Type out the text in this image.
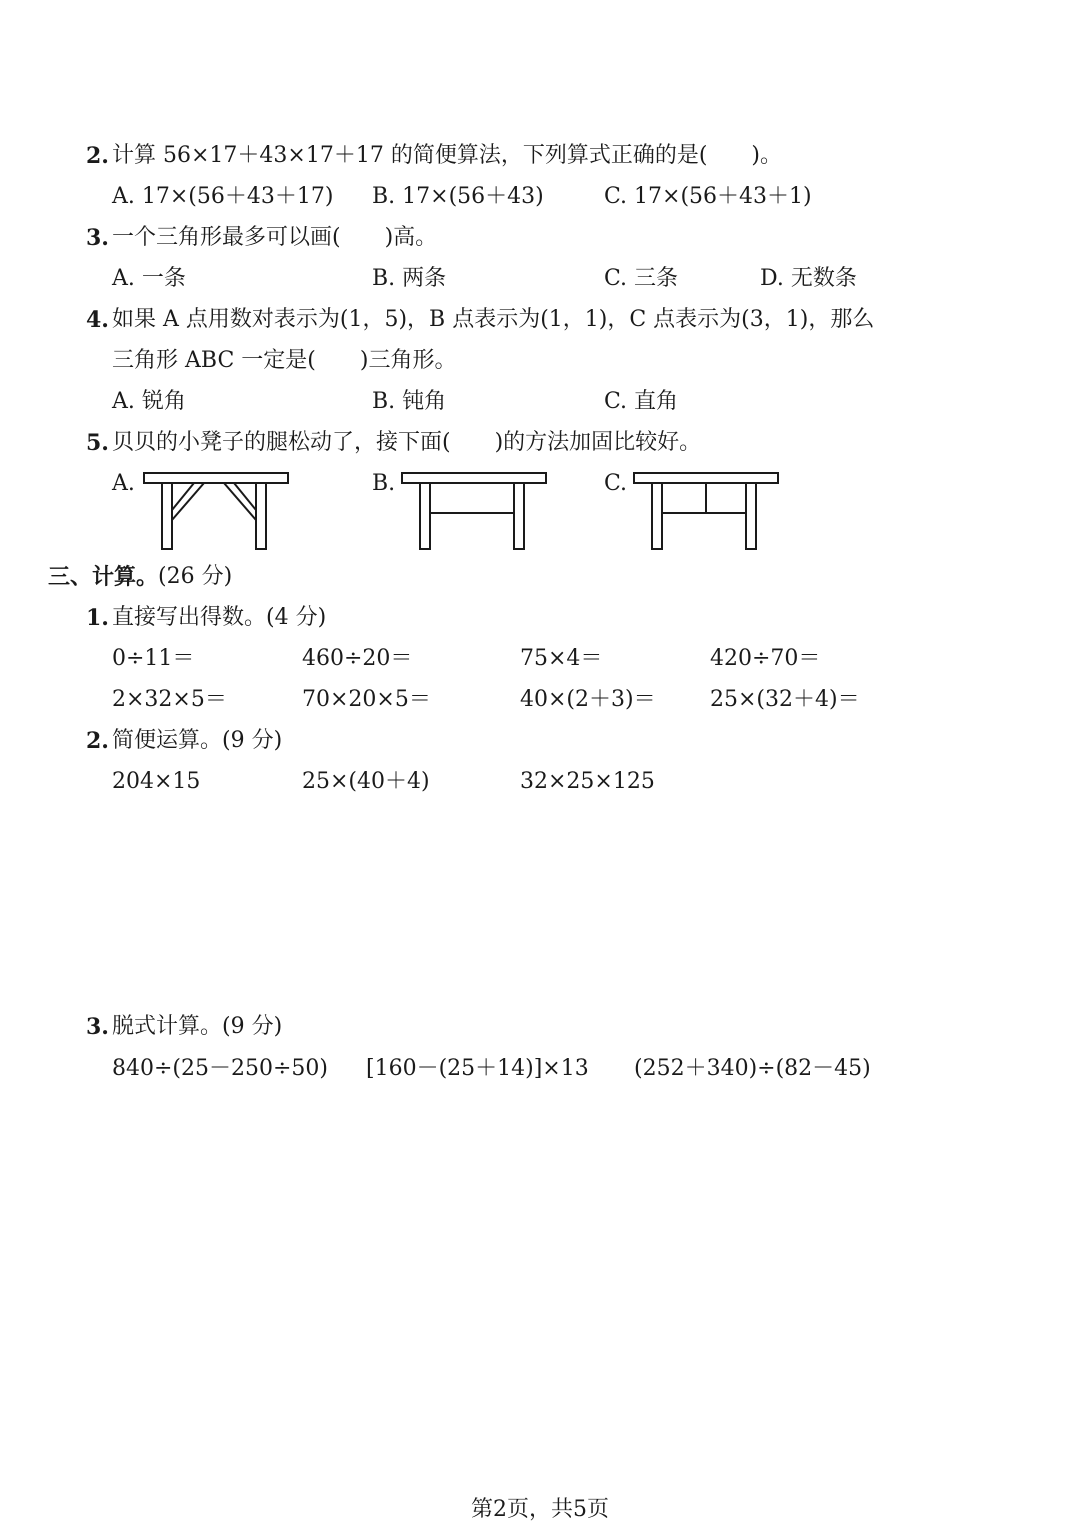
2. 计算 56×17＋43×17＋17 的简便算法，下列算式正确的是(　　)。
A. 17×(56＋43＋17) B. 17×(56＋43)	C. 17×(56＋43＋1)
3. 一个三角形最多可以画(　　)高。
A. 一条	B. 两条	C. 三条	D. 无数条
4. 如果 A 点用数对表示为(1，5)，B 点表示为(1，1)，C 点表示为(3，1)，那么
三角形 ABC 一定是(　　)三角形。
A. 锐角	B. 钝角	C. 直角
5. 贝贝的小凳子的腿松动了，接下面(　　)的方法加固比较好。
A.	B.	C.
三、计算。 (26 分)
1. 直接写出得数。(4 分)
0÷11＝	460÷20＝	75×4＝	420÷70＝
2×32×5＝	70×20×5＝	40×(2＋3)＝ 25×(32＋4)＝
2. 简便运算。(9 分)
204×15	25×(40＋4)	32×25×125
3. 脱式计算。(9 分)
840÷(25－250÷50) [160－(25＋14)]×13 (252＋340)÷(82－45)
第2页，共5页
